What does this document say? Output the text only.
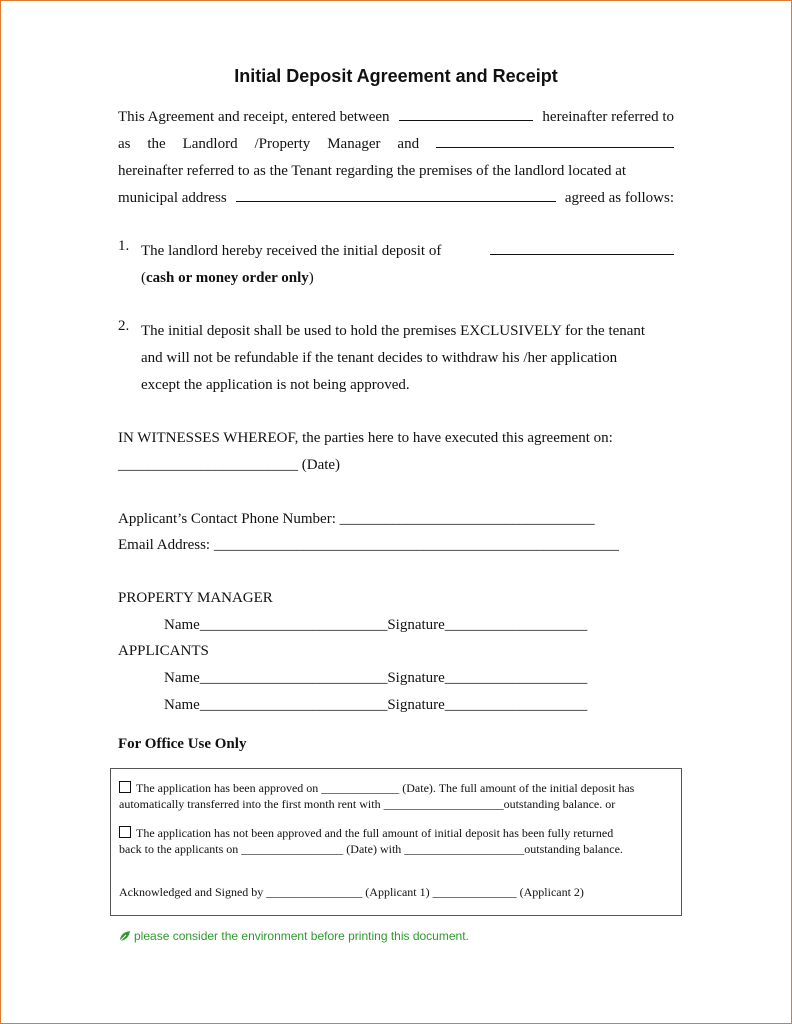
Initial Deposit Agreement and Receipt
This Agreement and receipt, entered between	hereinafter referred to
as the Landlord /Property Manager and
hereinafter referred to as the Tenant regarding the premises of the landlord located at
municipal address	agreed as follows:
1. The landlord hereby received the initial deposit of
(cash or money order only)
2. The initial deposit shall be used to hold the premises EXCLUSIVELY for the tenant
and will not be refundable if the tenant decides to withdraw his /her application
except the application is not being approved.
IN WITNESSES WHEREOF, the parties here to have executed this agreement on:
________________________ (Date)
Applicant’s Contact Phone Number: __________________________________
Email Address: ______________________________________________________
PROPERTY MANAGER
Name_________________________Signature___________________
APPLICANTS
Name_________________________Signature___________________
Name_________________________Signature___________________
For Office Use Only
The application has been approved on _____________ (Date). The full amount of the initial deposit has
automatically transferred into the first month rent with ____________________outstanding balance. or
The application has not been approved and the full amount of initial deposit has been fully returned
back to the applicants on _________________ (Date) with ____________________outstanding balance.
Acknowledged and Signed by ________________ (Applicant 1) ______________ (Applicant 2)
please consider the environment before printing this document.
